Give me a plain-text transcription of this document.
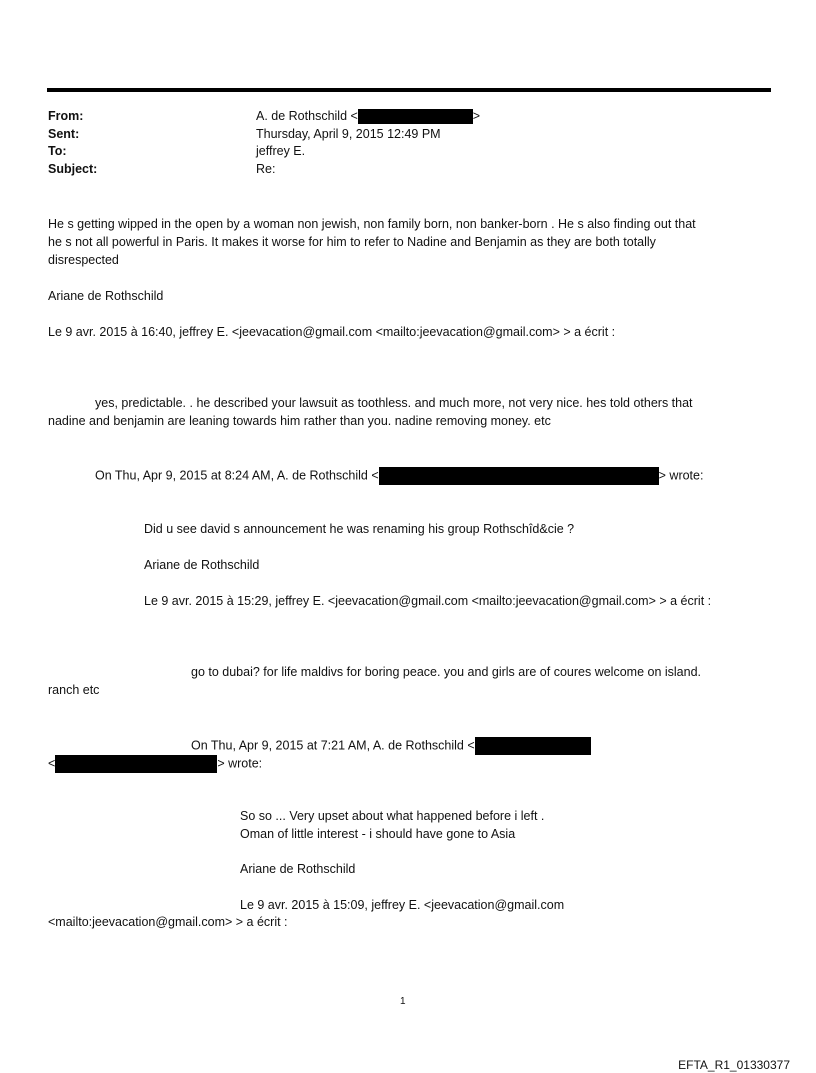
From:	A. de Rothschild <	>
Sent:	Thursday, April 9, 2015 12:49 PM
To:	jeffrey E.
Subject:	Re:
He s getting wipped in the open by a woman non jewish, non family born, non banker-born . He s also finding out that
he s not all powerful in Paris. It makes it worse for him to refer to Nadine and Benjamin as they are both totally
disrespected
Ariane de Rothschild
Le 9 avr. 2015 à 16:40, jeffrey E. <jeevacation@gmail.com <mailto:jeevacation@gmail.com> > a écrit :
yes, predictable. . he described your lawsuit as toothless. and much more, not very nice. hes told others that
nadine and benjamin are leaning towards him rather than you. nadine removing money. etc
On Thu, Apr 9, 2015 at 8:24 AM, A. de Rothschild <	> wrote:
Did u see david s announcement he was renaming his group Rothschîd&cie ?
Ariane de Rothschild
Le 9 avr. 2015 à 15:29, jeffrey E. <jeevacation@gmail.com <mailto:jeevacation@gmail.com> > a écrit :
go to dubai? for life maldivs for boring peace. you and girls are of coures welcome on island.
ranch etc
On Thu, Apr 9, 2015 at 7:21 AM, A. de Rothschild <
<	> wrote:
So so ... Very upset about what happened before i left .
Oman of little interest - i should have gone to Asia
Ariane de Rothschild
Le 9 avr. 2015 à 15:09, jeffrey E. <jeevacation@gmail.com
<mailto:jeevacation@gmail.com> > a écrit :
1
EFTA_R1_01330377
